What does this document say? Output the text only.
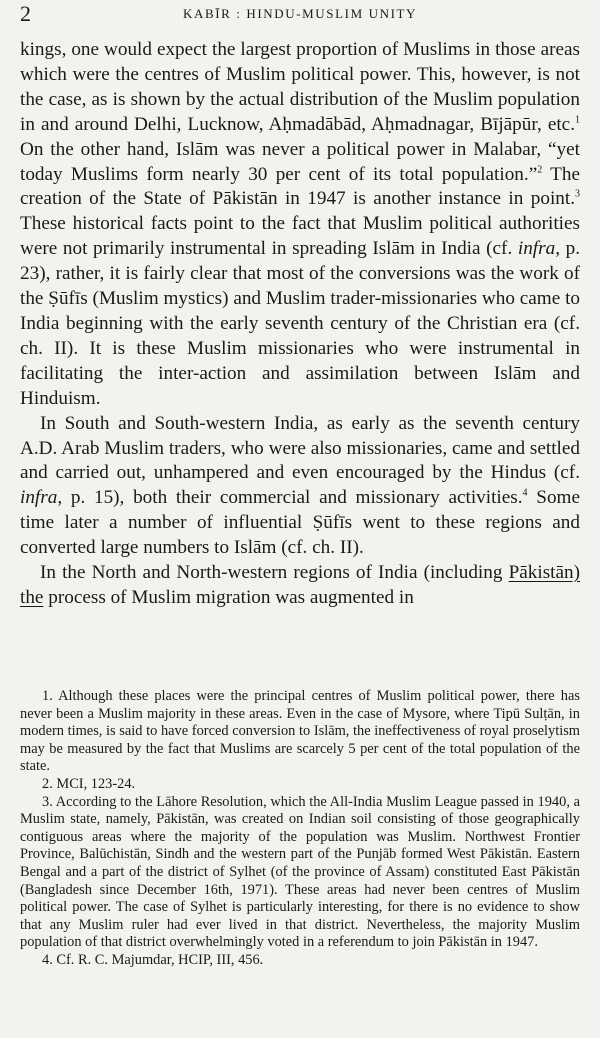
2	KABĪR : HINDU-MUSLIM UNITY

kings, one would expect the largest proportion of Muslims in those areas which were the centres of Muslim political power. This, however, is not the case, as is shown by the actual distribution of the Muslim population in and around Delhi, Lucknow, Aḥmadābād, Aḥmadnagar, Bījāpūr, etc.$^1$ On the other hand, Islām was never a political power in Malabar, “yet today Muslims form nearly 30 per cent of its total population.”$^2$ The creation of the State of Pākistān in 1947 is another instance in point.$^3$ These historical facts point to the fact that Muslim political authorities were not primarily instrumental in spreading Islām in India (cf. infra, p. 23), rather, it is fairly clear that most of the conversions was the work of the Ṣūfīs (Muslim mystics) and Muslim trader-missionaries who came to India beginning with the early seventh century of the Christian era (cf. ch. II). It is these Muslim missionaries who were instrumental in facilitating the inter-action and assimilation between Islām and Hinduism.

In South and South-western India, as early as the seventh century A.D. Arab Muslim traders, who were also missionaries, came and settled and carried out, unhampered and even encouraged by the Hindus (cf. infra, p. 15), both their commercial and missionary activities.$^4$ Some time later a number of influential Ṣūfīs went to these regions and converted large numbers to Islām (cf. ch. II).

In the North and North-western regions of India (including Pākistān) the process of Muslim migration was augmented in

1. Although these places were the principal centres of Muslim political power, there has never been a Muslim majority in these areas. Even in the case of Mysore, where Tipū Sulṭān, in modern times, is said to have forced conversion to Islām, the ineffectiveness of royal proselytism may be measured by the fact that Muslims are scarcely 5 per cent of the total population of the state.

2. MCI, 123-24.

3. According to the Lāhore Resolution, which the All-India Muslim League passed in 1940, a Muslim state, namely, Pākistān, was created on Indian soil consisting of those geographically contiguous areas where the majority of the population was Muslim. Northwest Frontier Province, Balūchistān, Sindh and the western part of the Punjāb formed West Pākistān. Eastern Bengal and a part of the district of Sylhet (of the province of Assam) constituted East Pākistān (Bangladesh since December 16th, 1971). These areas had never been centres of Muslim political power. The case of Sylhet is particularly interesting, for there is no evidence to show that any Muslim ruler had ever lived in that district. Nevertheless, the majority Muslim population of that district overwhelmingly voted in a referendum to join Pākistān in 1947.

4. Cf. R. C. Majumdar, HCIP, III, 456.
